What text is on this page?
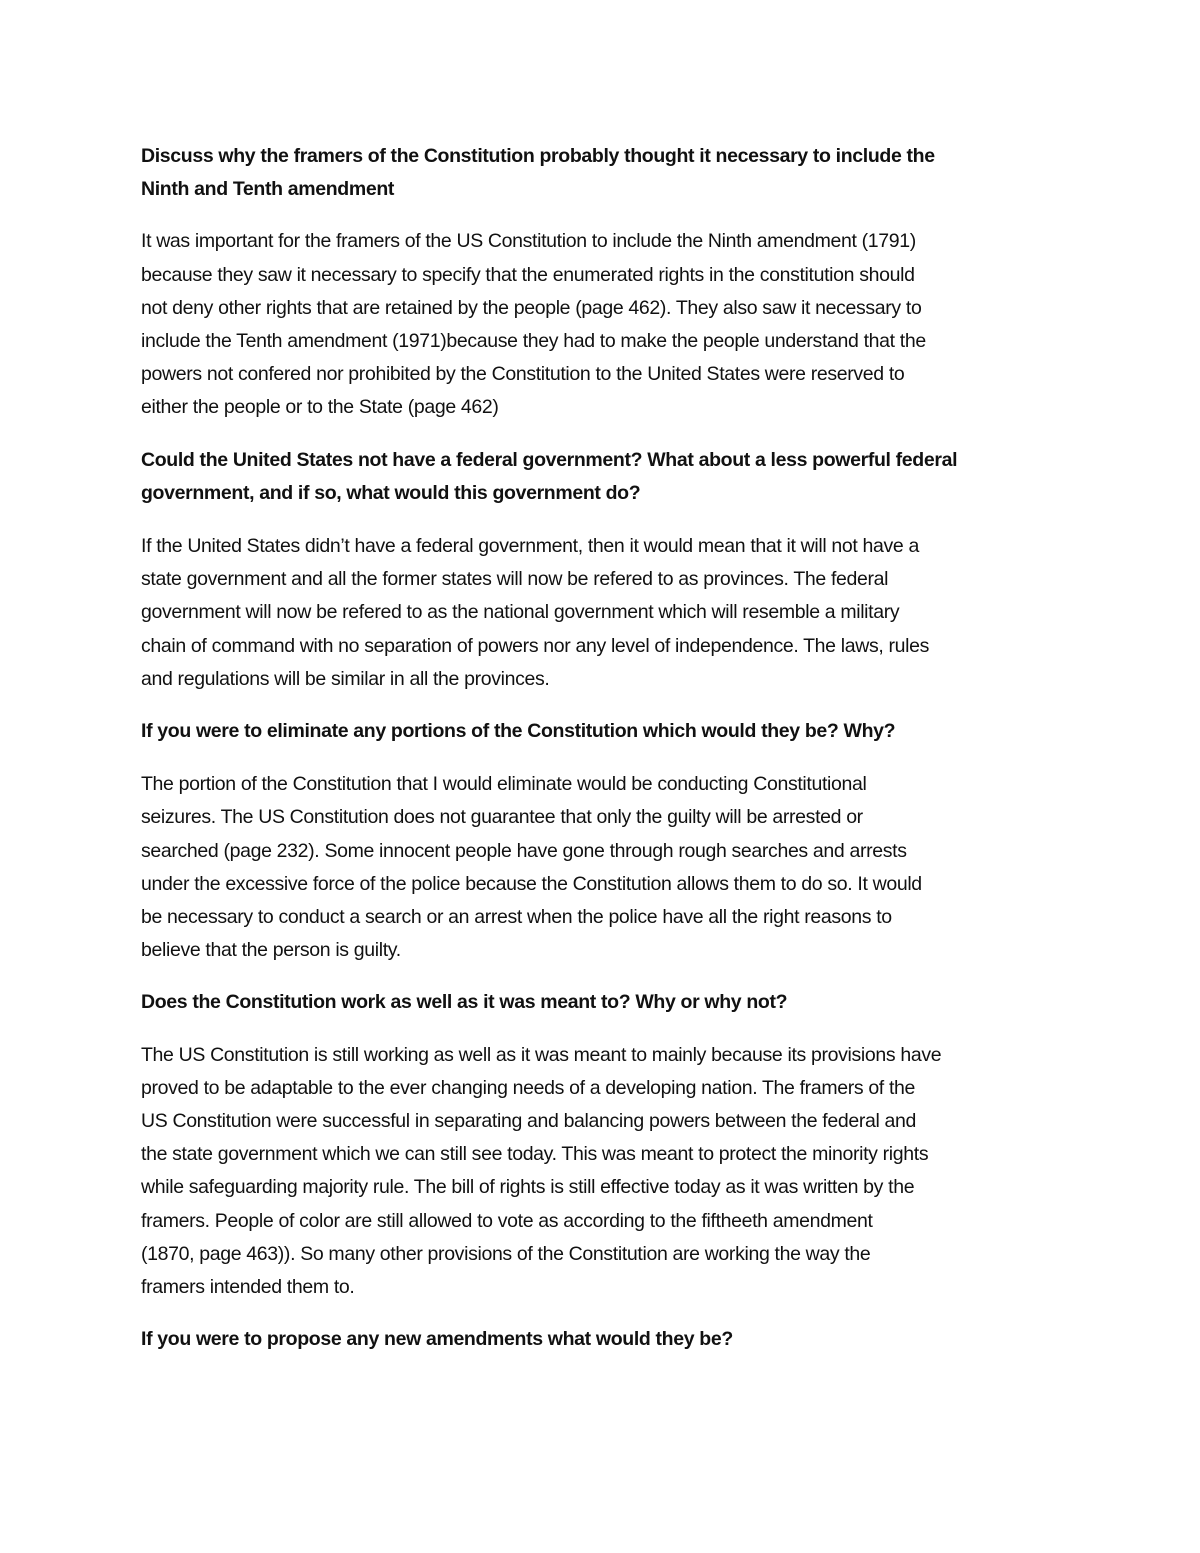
Discuss why the framers of the Constitution probably thought it necessary to include the
Ninth and Tenth amendment

It was important for the framers of the US Constitution to include the Ninth amendment (1791)
because they saw it necessary to specify that the enumerated rights in the constitution should
not deny other rights that are retained by the people (page 462). They also saw it necessary to
include the Tenth amendment (1971)because they had to make the people understand that the
powers not confered nor prohibited by the Constitution to the United States were reserved to
either the people or to the State (page 462)

Could the United States not have a federal government? What about a less powerful federal
government, and if so, what would this government do?

If the United States didn’t have a federal government, then it would mean that it will not have a
state government and all the former states will now be refered to as provinces. The federal
government will now be refered to as the national government which will resemble a military
chain of command with no separation of powers nor any level of independence. The laws, rules
and regulations will be similar in all the provinces.

If you were to eliminate any portions of the Constitution which would they be? Why?

The portion of the Constitution that I would eliminate would be conducting Constitutional
seizures. The US Constitution does not guarantee that only the guilty will be arrested or
searched (page 232). Some innocent people have gone through rough searches and arrests
under the excessive force of the police because the Constitution allows them to do so. It would
be necessary to conduct a search or an arrest when the police have all the right reasons to
believe that the person is guilty.

Does the Constitution work as well as it was meant to? Why or why not?

The US Constitution is still working as well as it was meant to mainly because its provisions have
proved to be adaptable to the ever changing needs of a developing nation. The framers of the
US Constitution were successful in separating and balancing powers between the federal and
the state government which we can still see today. This was meant to protect the minority rights
while safeguarding majority rule. The bill of rights is still effective today as it was written by the
framers. People of color are still allowed to vote as according to the fiftheeth amendment
(1870, page 463)). So many other provisions of the Constitution are working the way the
framers intended them to.

If you were to propose any new amendments what would they be?
